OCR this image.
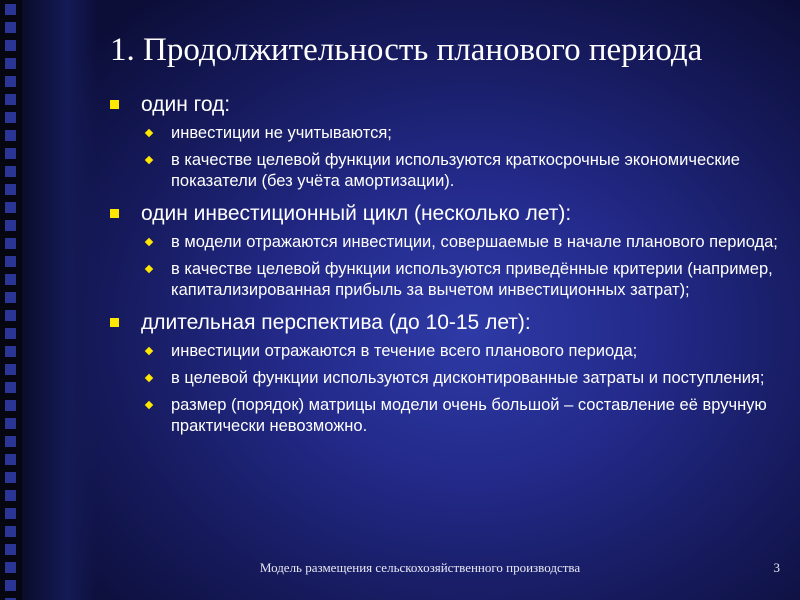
1. Продолжительность планового периода
один год:
инвестиции не учитываются;
в качестве целевой функции используются краткосрочные экономические показатели (без учёта амортизации).
один инвестиционный цикл (несколько лет):
в модели отражаются инвестиции, совершаемые в начале планового периода;
в качестве целевой функции используются приведённые критерии (например, капитализированная прибыль за вычетом инвестиционных затрат);
длительная перспектива (до 10-15 лет):
инвестиции отражаются в течение всего планового периода;
в целевой функции используются дисконтированные затраты и поступления;
размер (порядок) матрицы модели очень большой – составление её вручную практически невозможно.
Модель размещения сельскохозяйственного производства	3
